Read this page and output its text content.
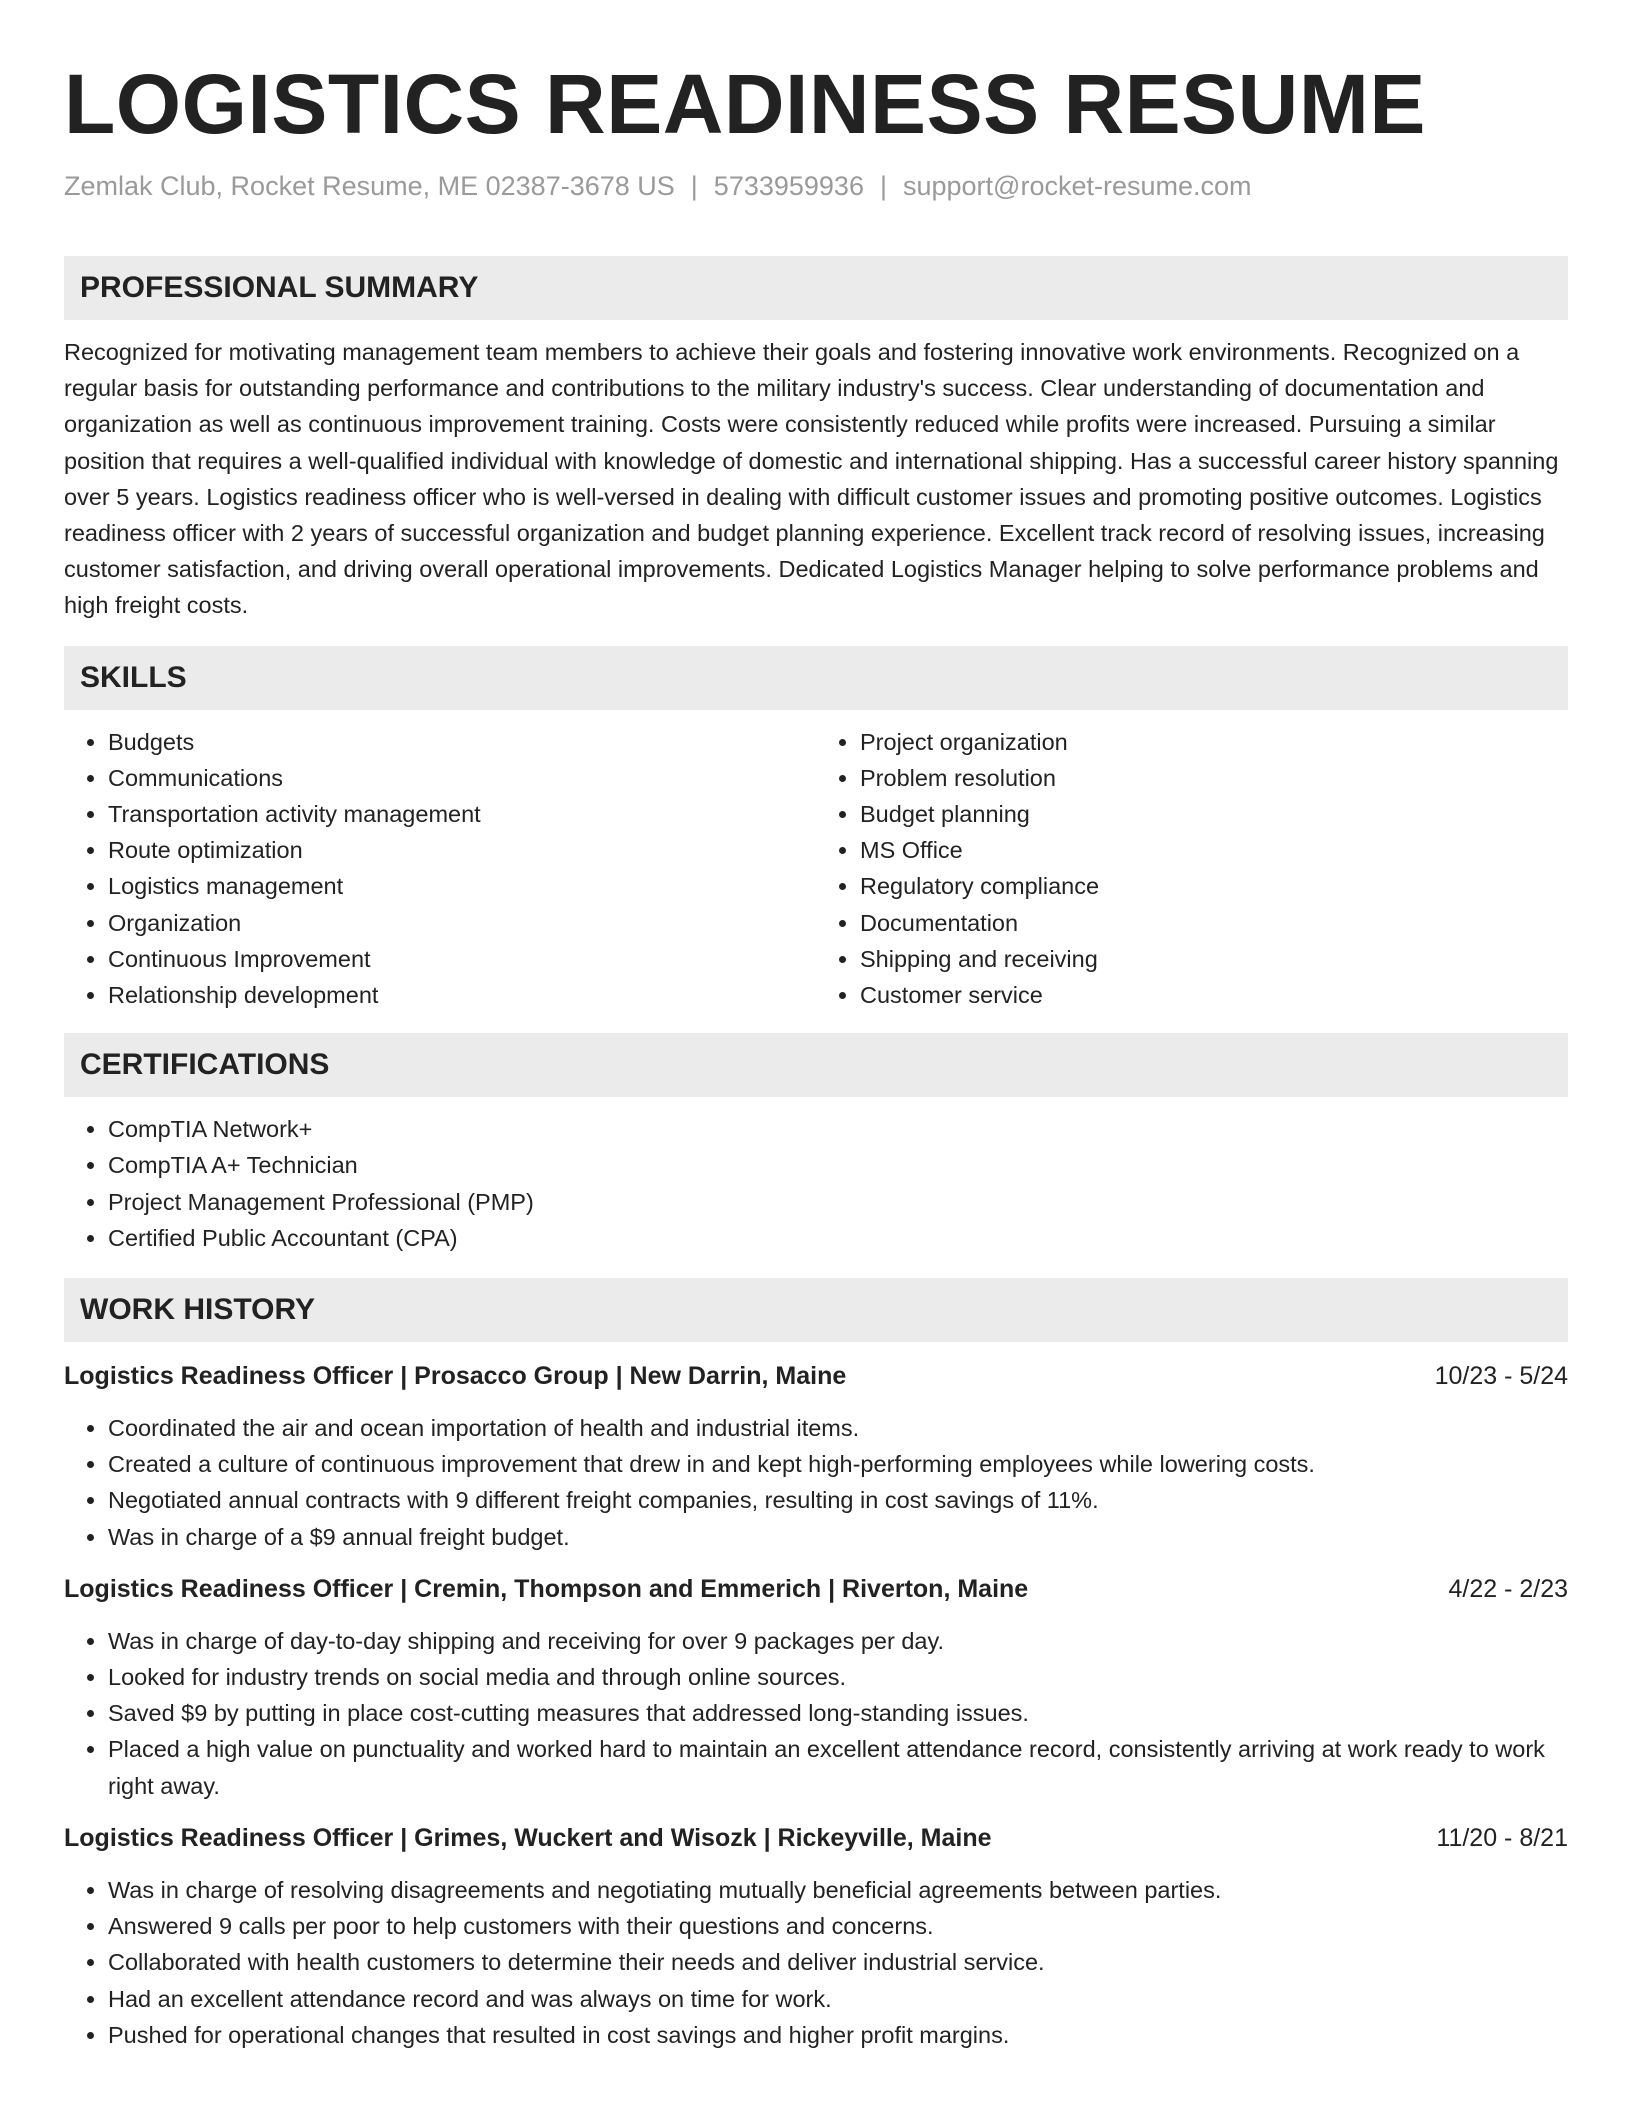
LOGISTICS READINESS RESUME
Zemlak Club, Rocket Resume, ME 02387-3678 US | 5733959936 | support@rocket-resume.com
PROFESSIONAL SUMMARY

Recognized for motivating management team members to achieve their goals and fostering innovative work environments. Recognized on a regular basis for outstanding performance and contributions to the military industry's success. Clear understanding of documentation and organization as well as continuous improvement training. Costs were consistently reduced while profits were increased. Pursuing a similar position that requires a well-qualified individual with knowledge of domestic and international shipping. Has a successful career history spanning over 5 years. Logistics readiness officer who is well-versed in dealing with difficult customer issues and promoting positive outcomes. Logistics readiness officer with 2 years of successful organization and budget planning experience. Excellent track record of resolving issues, increasing customer satisfaction, and driving overall operational improvements. Dedicated Logistics Manager helping to solve performance problems and high freight costs.

SKILLS
• Budgets
• Communications
• Transportation activity management
• Route optimization
• Logistics management
• Organization
• Continuous Improvement
• Relationship development
• Project organization
• Problem resolution
• Budget planning
• MS Office
• Regulatory compliance
• Documentation
• Shipping and receiving
• Customer service
CERTIFICATIONS
• CompTIA Network+
• CompTIA A+ Technician
• Project Management Professional (PMP)
• Certified Public Accountant (CPA)
WORK HISTORY
Logistics Readiness Officer | Prosacco Group | New Darrin, Maine	10/23 - 5/24
• Coordinated the air and ocean importation of health and industrial items.
• Created a culture of continuous improvement that drew in and kept high-performing employees while lowering costs.
• Negotiated annual contracts with 9 different freight companies, resulting in cost savings of 11%.
• Was in charge of a $9 annual freight budget.
Logistics Readiness Officer | Cremin, Thompson and Emmerich | Riverton, Maine	4/22 - 2/23
• Was in charge of day-to-day shipping and receiving for over 9 packages per day.
• Looked for industry trends on social media and through online sources.
• Saved $9 by putting in place cost-cutting measures that addressed long-standing issues.
• Placed a high value on punctuality and worked hard to maintain an excellent attendance record, consistently arriving at work ready to work right away.
Logistics Readiness Officer | Grimes, Wuckert and Wisozk | Rickeyville, Maine	11/20 - 8/21
• Was in charge of resolving disagreements and negotiating mutually beneficial agreements between parties.
• Answered 9 calls per poor to help customers with their questions and concerns.
• Collaborated with health customers to determine their needs and deliver industrial service.
• Had an excellent attendance record and was always on time for work.
• Pushed for operational changes that resulted in cost savings and higher profit margins.
